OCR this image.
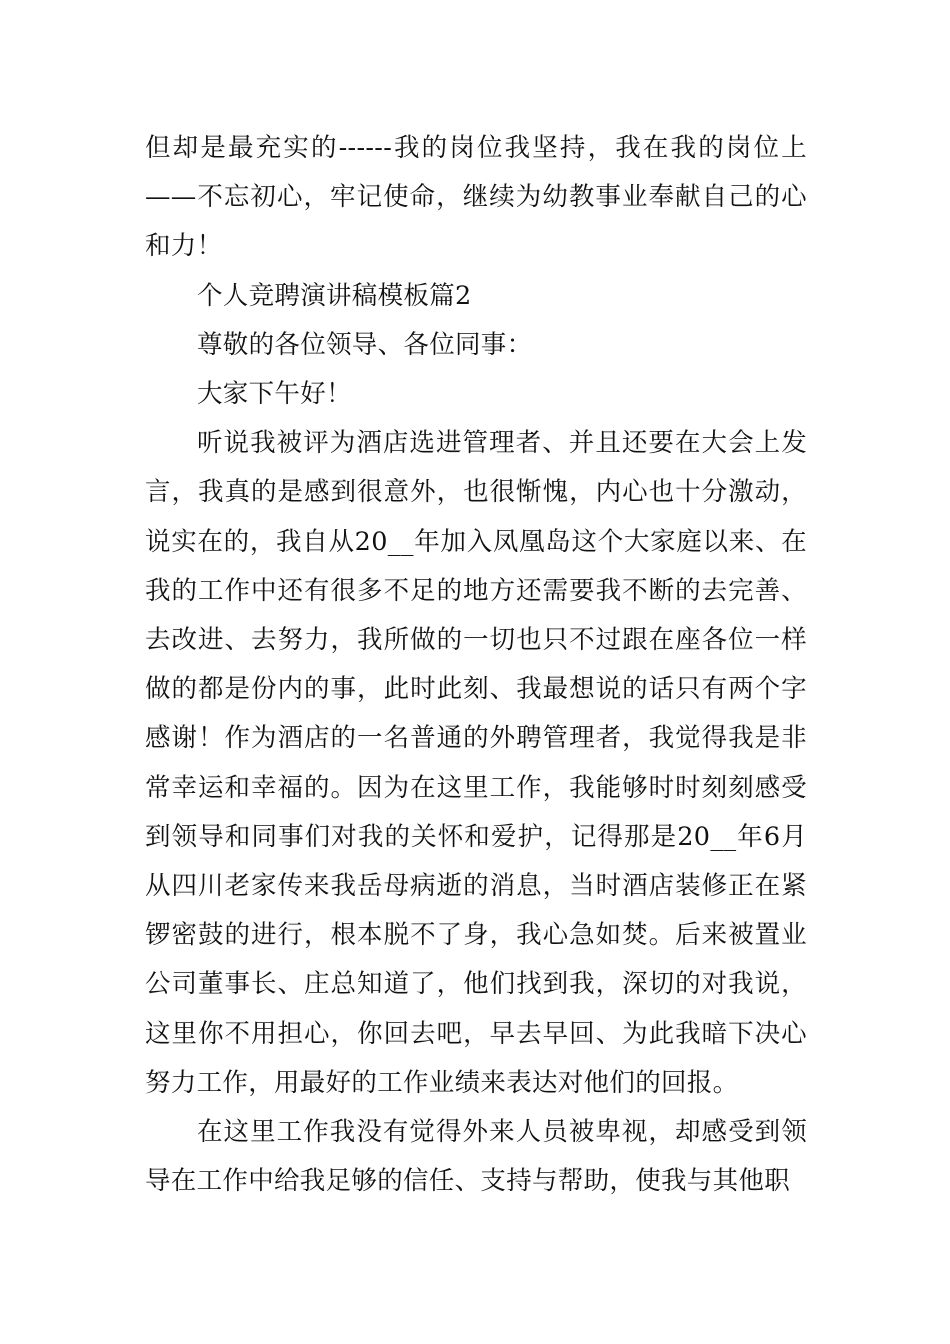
但却是最充实的------我的岗位我坚持，我在我的岗位上——不忘初心，牢记使命，继续为幼教事业奉献自己的心和力！

个人竞聘演讲稿模板篇2

尊敬的各位领导、各位同事：

大家下午好！

听说我被评为酒店选进管理者、并且还要在大会上发言，我真的是感到很意外，也很惭愧，内心也十分激动，说实在的，我自从20__年加入凤凰岛这个大家庭以来、在我的工作中还有很多不足的地方还需要我不断的去完善、去改进、去努力，我所做的一切也只不过跟在座各位一样做的都是份内的事，此时此刻、我最想说的话只有两个字感谢！作为酒店的一名普通的外聘管理者，我觉得我是非常幸运和幸福的。因为在这里工作，我能够时时刻刻感受到领导和同事们对我的关怀和爱护，记得那是20__年6月从四川老家传来我岳母病逝的消息，当时酒店装修正在紧锣密鼓的进行，根本脱不了身，我心急如焚。后来被置业公司董事长、庄总知道了，他们找到我，深切的对我说，这里你不用担心，你回去吧，早去早回、为此我暗下决心努力工作，用最好的工作业绩来表达对他们的回报。

在这里工作我没有觉得外来人员被卑视，却感受到领导在工作中给我足够的信任、支持与帮助，使我与其他职
